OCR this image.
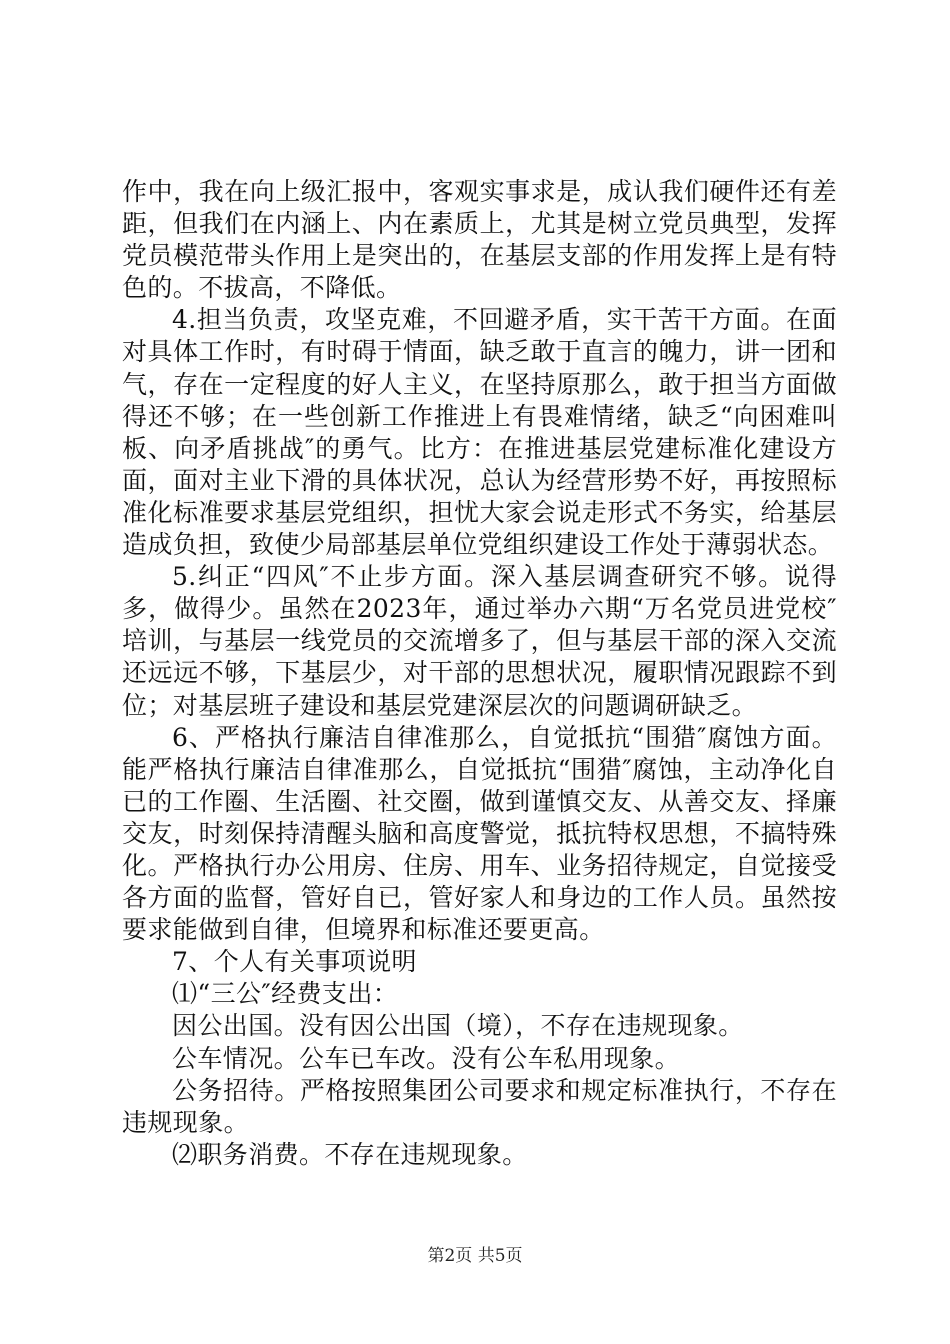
作中，我在向上级汇报中，客观实事求是，成认我们硬件还有差距，但我们在内涵上、内在素质上，尤其是树立党员典型，发挥党员模范带头作用上是突出的，在基层支部的作用发挥上是有特色的。不拔高，不降低。

4.担当负责，攻坚克难，不回避矛盾，实干苦干方面。在面对具体工作时，有时碍于情面，缺乏敢于直言的魄力，讲一团和气，存在一定程度的好人主义，在坚持原那么，敢于担当方面做得还不够；在一些创新工作推进上有畏难情绪，缺乏“向困难叫板、向矛盾挑战″的勇气。比方：在推进基层党建标准化建设方面，面对主业下滑的具体状况，总认为经营形势不好，再按照标准化标准要求基层党组织，担忧大家会说走形式不务实，给基层造成负担，致使少局部基层单位党组织建设工作处于薄弱状态。

5.纠正“四风″不止步方面。深入基层调查研究不够。说得多，做得少。虽然在2023年，通过举办六期“万名党员进党校″培训，与基层一线党员的交流增多了，但与基层干部的深入交流还远远不够，下基层少，对干部的思想状况，履职情况跟踪不到位；对基层班子建设和基层党建深层次的问题调研缺乏。

6、严格执行廉洁自律准那么，自觉抵抗“围猎″腐蚀方面。能严格执行廉洁自律准那么，自觉抵抗“围猎″腐蚀，主动净化自已的工作圈、生活圈、社交圈，做到谨慎交友、从善交友、择廉交友，时刻保持清醒头脑和高度警觉，抵抗特权思想，不搞特殊化。严格执行办公用房、住房、用车、业务招待规定，自觉接受各方面的监督，管好自已，管好家人和身边的工作人员。虽然按要求能做到自律，但境界和标准还要更高。

7、个人有关事项说明

⑴“三公″经费支出：

因公出国。没有因公出国（境），不存在违规现象。

公车情况。公车已车改。没有公车私用现象。

公务招待。严格按照集团公司要求和规定标准执行，不存在违规现象。

⑵职务消费。不存在违规现象。

第2页 共5页
